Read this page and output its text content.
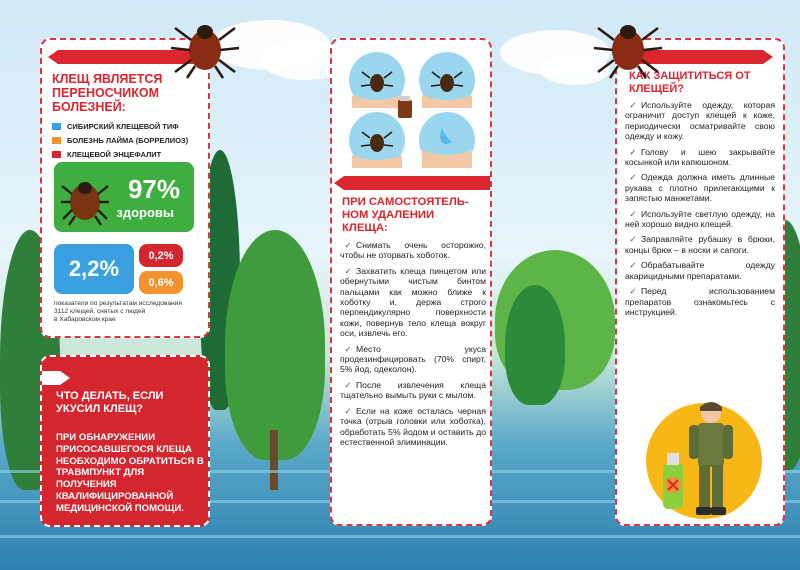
КЛЕЩ ЯВЛЯЕТСЯ ПЕРЕНОСЧИКОМ БОЛЕЗНЕЙ:
СИБИРСКИЙ КЛЕЩЕВОЙ ТИФ
БОЛЕЗНЬ ЛАЙМА (БОРРЕЛИОЗ)
КЛЕЩЕВОЙ ЭНЦЕФАЛИТ
97%
здоровы
2,2%
0,2%
0,6%
показатели по результатам исследования
3112 клещей, снятых с людей
в Хабаровском крае
ЧТО ДЕЛАТЬ, ЕСЛИ УКУСИЛ КЛЕЩ?
ПРИ ОБНАРУЖЕНИИ ПРИСОСАВШЕГОСЯ КЛЕЩА НЕОБХОДИМО ОБРАТИТЬСЯ В ТРАВМПУНКТ ДЛЯ ПОЛУЧЕНИЯ КВАЛИФИЦИРОВАННОЙ МЕДИЦИНСКОЙ ПОМОЩИ.
ПРИ САМОСТОЯТЕЛЬ-НОМ УДАЛЕНИИ КЛЕЩА:

✓ Снимать очень осторожно, чтобы не оторвать хоботок.

✓ Захватить клеща пинцетом или обернутыми чистым бинтом пальцами как можно ближе к хоботку и, держа строго перпендикулярно поверхности кожи, повернув тело клеща вокруг оси, извлечь его.

✓ Место укуса продезинфицировать (70% спирт, 5% йод, одеколон).

✓ После извлечения клеща тщательно вымыть руки с мылом.

✓ Если на коже осталась черная точка (отрыв головки или хоботка), обработать 5% йодом и оставить до естественной элиминации.

КАК ЗАЩИТИТЬСЯ ОТ КЛЕЩЕЙ?

✓ Используйте одежду, которая ограничит доступ клещей к коже, периодически осматривайте свою одежду и кожу.

✓ Голову и шею закрывайте косынкой или капюшоном.

✓ Одежда должна иметь длинные рукава с плотно прилегающими к запястью манжетами.

✓ Используйте светлую одежду, на ней хорошо видно клещей.

✓ Заправляйте рубашку в брюки, концы брюк – в носки и сапоги.

✓ Обрабатывайте одежду акарицидными препаратами.

✓ Перед использованием препаратов ознакомьтесь с инструкцией.
